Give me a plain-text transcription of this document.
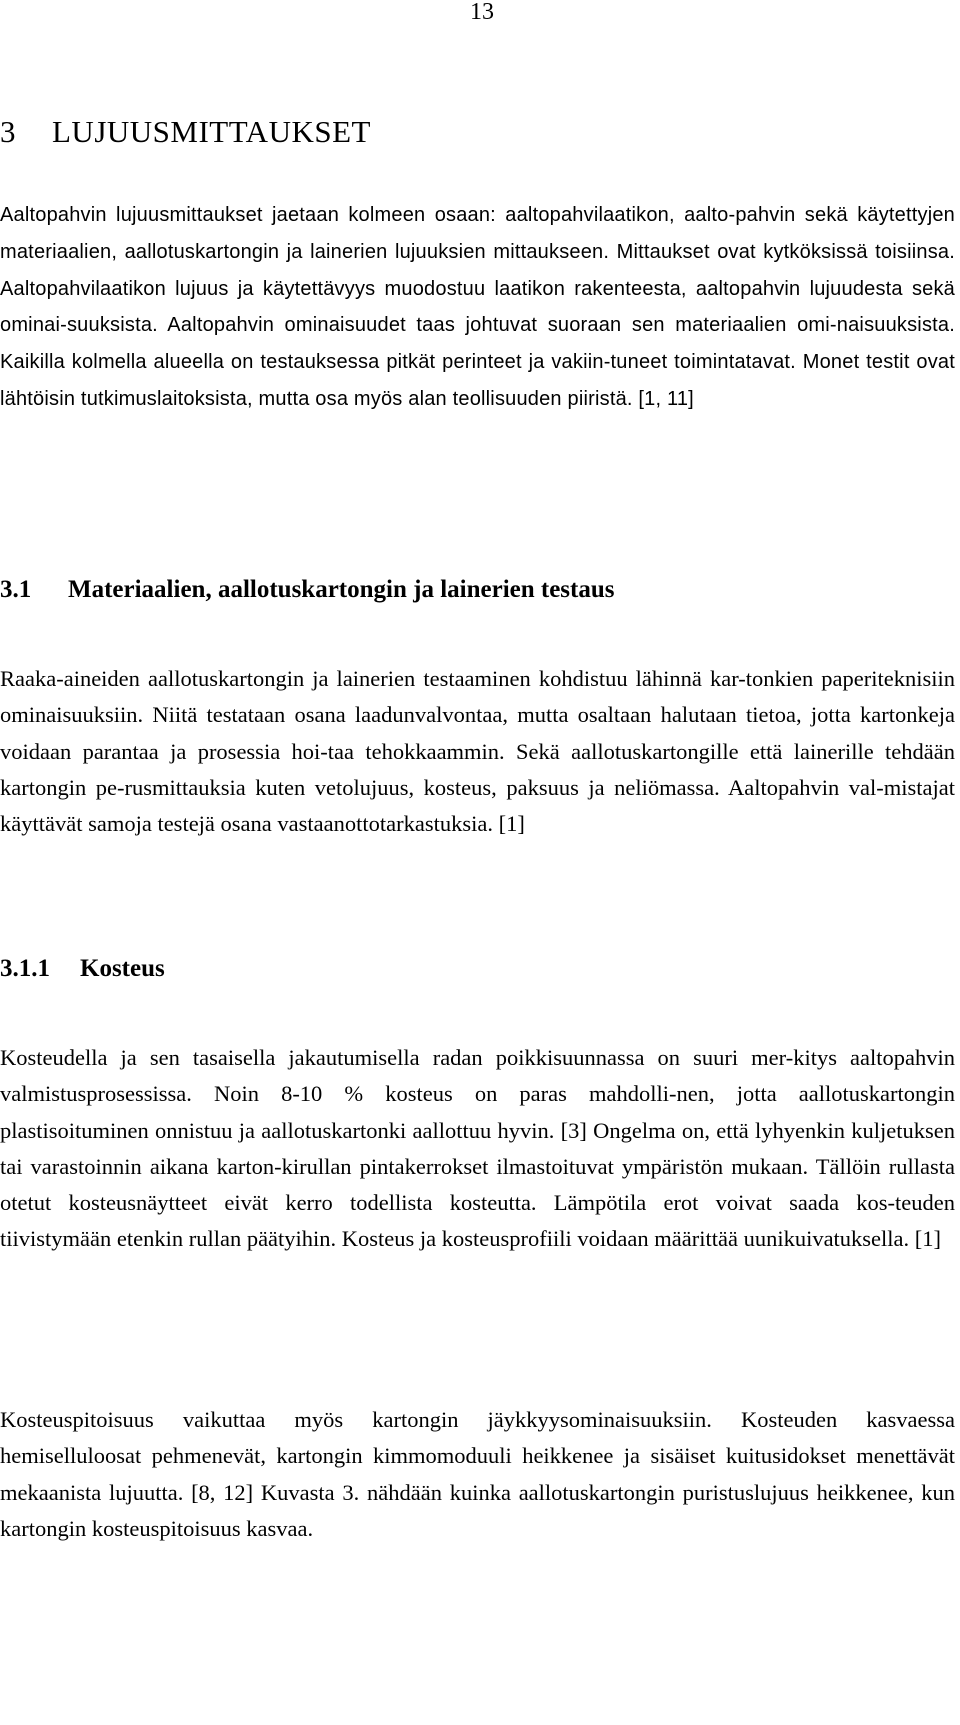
13
3 LUJUUSMITTAUKSET

Aaltopahvin lujuusmittaukset jaetaan kolmeen osaan: aaltopahvilaatikon, aalto-pahvin sekä käytettyjen materiaalien, aallotuskartongin ja lainerien lujuuksien mittaukseen. Mittaukset ovat kytköksissä toisiinsa. Aaltopahvilaatikon lujuus ja käytettävyys muodostuu laatikon rakenteesta, aaltopahvin lujuudesta sekä ominai-suuksista. Aaltopahvin ominaisuudet taas johtuvat suoraan sen materiaalien omi-naisuuksista. Kaikilla kolmella alueella on testauksessa pitkät perinteet ja vakiin-tuneet toimintatavat. Monet testit ovat lähtöisin tutkimuslaitoksista, mutta osa myös alan teollisuuden piiristä. [1, 11]

3.1 Materiaalien, aallotuskartongin ja lainerien testaus

Raaka-aineiden aallotuskartongin ja lainerien testaaminen kohdistuu lähinnä kar-tonkien paperiteknisiin ominaisuuksiin. Niitä testataan osana laadunvalvontaa, mutta osaltaan halutaan tietoa, jotta kartonkeja voidaan parantaa ja prosessia hoi-taa tehokkaammin. Sekä aallotuskartongille että lainerille tehdään kartongin pe-rusmittauksia kuten vetolujuus, kosteus, paksuus ja neliömassa. Aaltopahvin val-mistajat käyttävät samoja testejä osana vastaanottotarkastuksia. [1]

3.1.1 Kosteus

Kosteudella ja sen tasaisella jakautumisella radan poikkisuunnassa on suuri mer-kitys aaltopahvin valmistusprosessissa. Noin 8-10 % kosteus on paras mahdolli-nen, jotta aallotuskartongin plastisoituminen onnistuu ja aallotuskartonki aallottuu hyvin. [3] Ongelma on, että lyhyenkin kuljetuksen tai varastoinnin aikana karton-kirullan pintakerrokset ilmastoituvat ympäristön mukaan. Tällöin rullasta otetut kosteusnäytteet eivät kerro todellista kosteutta. Lämpötila erot voivat saada kos-teuden tiivistymään etenkin rullan päätyihin. Kosteus ja kosteusprofiili voidaan määrittää uunikuivatuksella. [1]

Kosteuspitoisuus vaikuttaa myös kartongin jäykkyysominaisuuksiin. Kosteuden kasvaessa hemiselluloosat pehmenevät, kartongin kimmomoduuli heikkenee ja sisäiset kuitusidokset menettävät mekaanista lujuutta. [8, 12] Kuvasta 3. nähdään kuinka aallotuskartongin puristuslujuus heikkenee, kun kartongin kosteuspitoisuus kasvaa.
